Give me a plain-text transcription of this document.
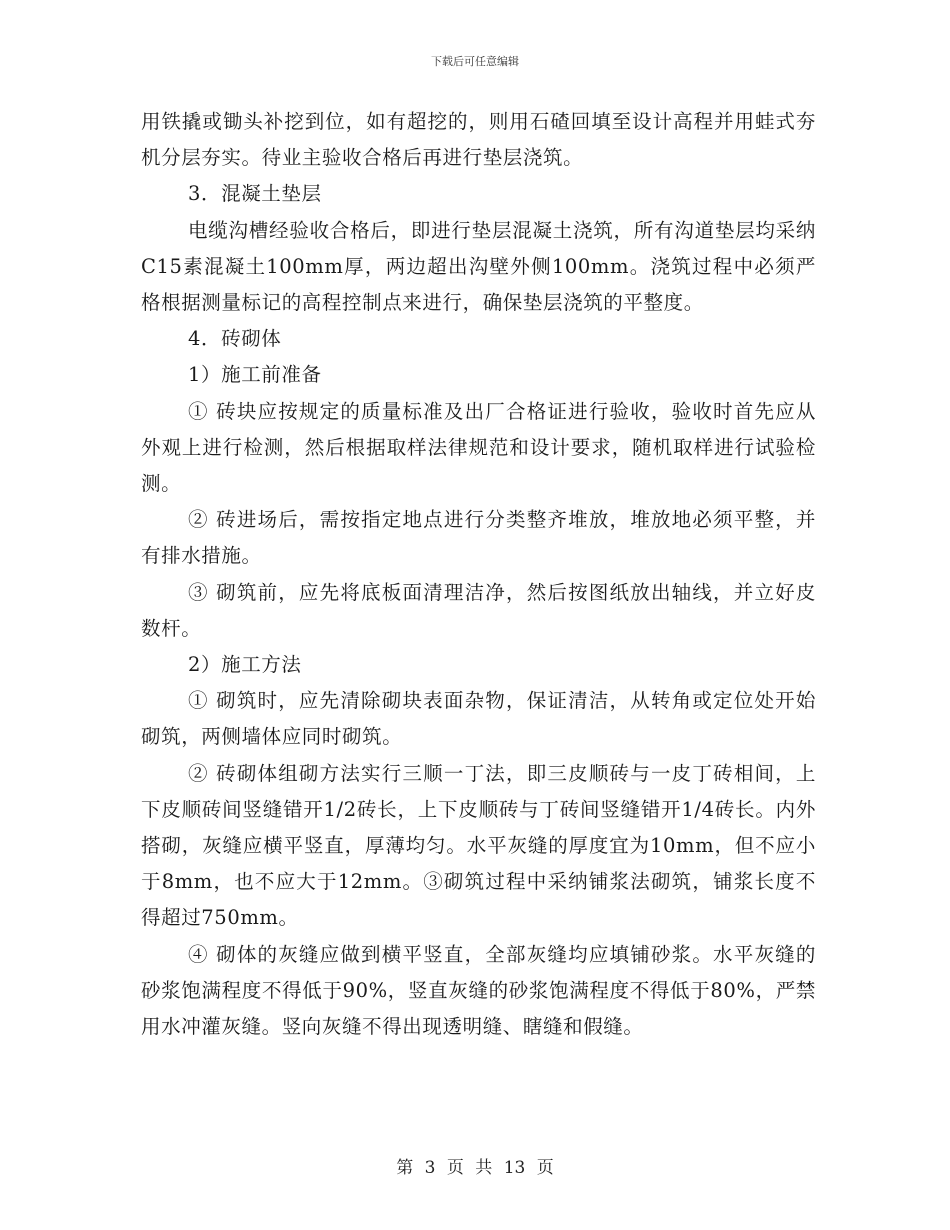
下载后可任意编辑

用铁撬或锄头补挖到位，如有超挖的，则用石碴回填至设计高程并用蛙式夯机分层夯实。待业主验收合格后再进行垫层浇筑。

3．混凝土垫层

电缆沟槽经验收合格后，即进行垫层混凝土浇筑，所有沟道垫层均采纳C15素混凝土100mm厚，两边超出沟壁外侧100mm。浇筑过程中必须严格根据测量标记的高程控制点来进行，确保垫层浇筑的平整度。

4．砖砌体

1）施工前准备

① 砖块应按规定的质量标准及出厂合格证进行验收，验收时首先应从外观上进行检测，然后根据取样法律规范和设计要求，随机取样进行试验检测。

② 砖进场后，需按指定地点进行分类整齐堆放，堆放地必须平整，并有排水措施。

③ 砌筑前，应先将底板面清理洁净，然后按图纸放出轴线，并立好皮数杆。

2）施工方法

① 砌筑时，应先清除砌块表面杂物，保证清洁，从转角或定位处开始砌筑，两侧墙体应同时砌筑。

② 砖砌体组砌方法实行三顺一丁法，即三皮顺砖与一皮丁砖相间，上下皮顺砖间竖缝错开1/2砖长，上下皮顺砖与丁砖间竖缝错开1/4砖长。内外搭砌，灰缝应横平竖直，厚薄均匀。水平灰缝的厚度宜为10mm，但不应小于8mm，也不应大于12mm。③砌筑过程中采纳铺浆法砌筑，铺浆长度不得超过750mm。

④ 砌体的灰缝应做到横平竖直，全部灰缝均应填铺砂浆。水平灰缝的砂浆饱满程度不得低于90%，竖直灰缝的砂浆饱满程度不得低于80%，严禁用水冲灌灰缝。竖向灰缝不得出现透明缝、瞎缝和假缝。

第 3 页 共 13 页
